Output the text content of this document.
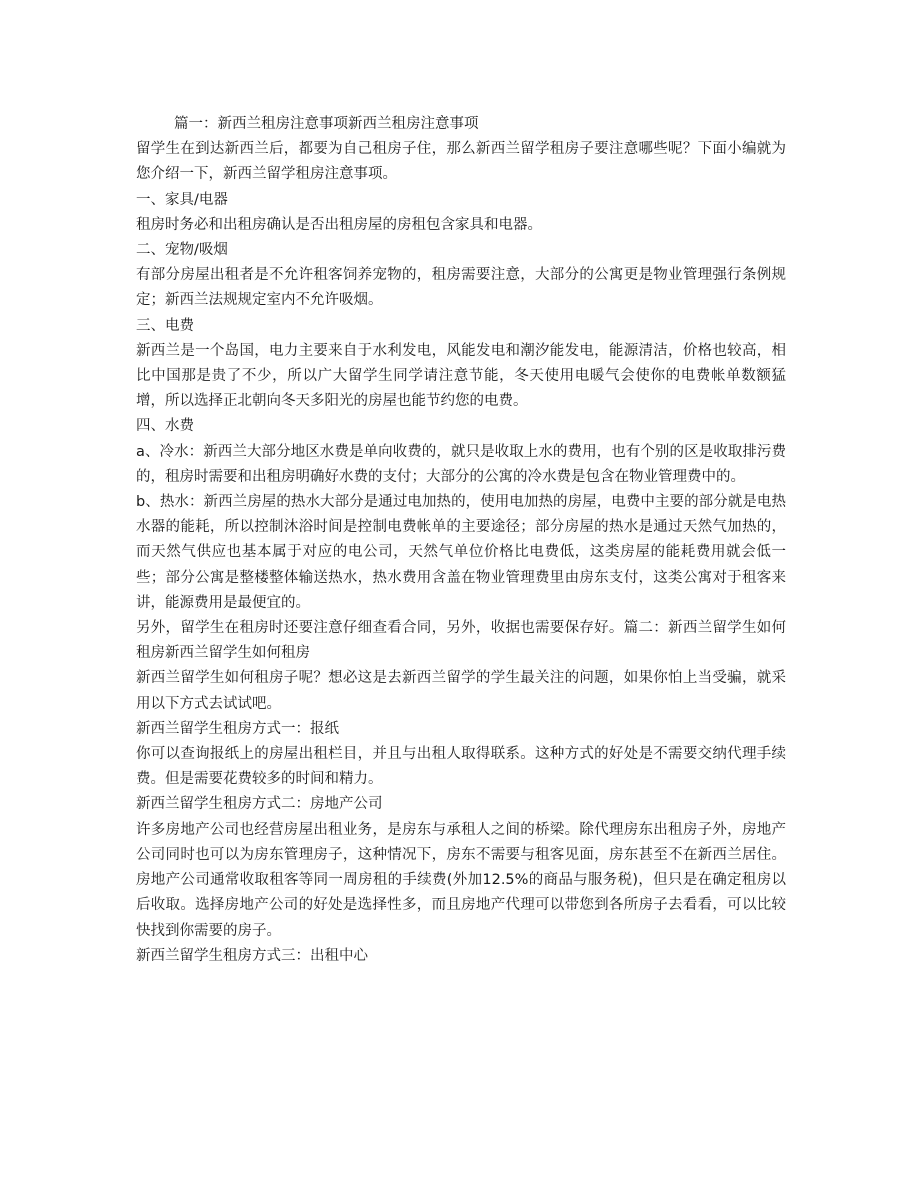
篇一：新西兰租房注意事项新西兰租房注意事项

留学生在到达新西兰后，都要为自己租房子住，那么新西兰留学租房子要注意哪些呢？下面小编就为您介绍一下，新西兰留学租房注意事项。

一、家具/电器

租房时务必和出租房确认是否出租房屋的房租包含家具和电器。

二、宠物/吸烟

有部分房屋出租者是不允许租客饲养宠物的，租房需要注意，大部分的公寓更是物业管理强行条例规定；新西兰法规规定室内不允许吸烟。

三、电费

新西兰是一个岛国，电力主要来自于水利发电，风能发电和潮汐能发电，能源清洁，价格也较高，相比中国那是贵了不少，所以广大留学生同学请注意节能，冬天使用电暖气会使你的电费帐单数额猛增，所以选择正北朝向冬天多阳光的房屋也能节约您的电费。

四、水费

a、冷水：新西兰大部分地区水费是单向收费的，就只是收取上水的费用，也有个别的区是收取排污费的，租房时需要和出租房明确好水费的支付；大部分的公寓的冷水费是包含在物业管理费中的。

b、热水：新西兰房屋的热水大部分是通过电加热的，使用电加热的房屋，电费中主要的部分就是电热水器的能耗，所以控制沐浴时间是控制电费帐单的主要途径；部分房屋的热水是通过天然气加热的，而天然气供应也基本属于对应的电公司，天然气单位价格比电费低，这类房屋的能耗费用就会低一些；部分公寓是整楼整体输送热水，热水费用含盖在物业管理费里由房东支付，这类公寓对于租客来讲，能源费用是最便宜的。

另外，留学生在租房时还要注意仔细查看合同，另外，收据也需要保存好。篇二：新西兰留学生如何租房新西兰留学生如何租房

新西兰留学生如何租房子呢？想必这是去新西兰留学的学生最关注的问题，如果你怕上当受骗，就采用以下方式去试试吧。

新西兰留学生租房方式一：报纸

你可以查询报纸上的房屋出租栏目，并且与出租人取得联系。这种方式的好处是不需要交纳代理手续费。但是需要花费较多的时间和精力。

新西兰留学生租房方式二：房地产公司

许多房地产公司也经营房屋出租业务，是房东与承租人之间的桥梁。除代理房东出租房子外，房地产公司同时也可以为房东管理房子，这种情况下，房东不需要与租客见面，房东甚至不在新西兰居住。房地产公司通常收取租客等同一周房租的手续费(外加12.5%的商品与服务税)，但只是在确定租房以后收取。选择房地产公司的好处是选择性多，而且房地产代理可以带您到各所房子去看看，可以比较快找到你需要的房子。

新西兰留学生租房方式三：出租中心
